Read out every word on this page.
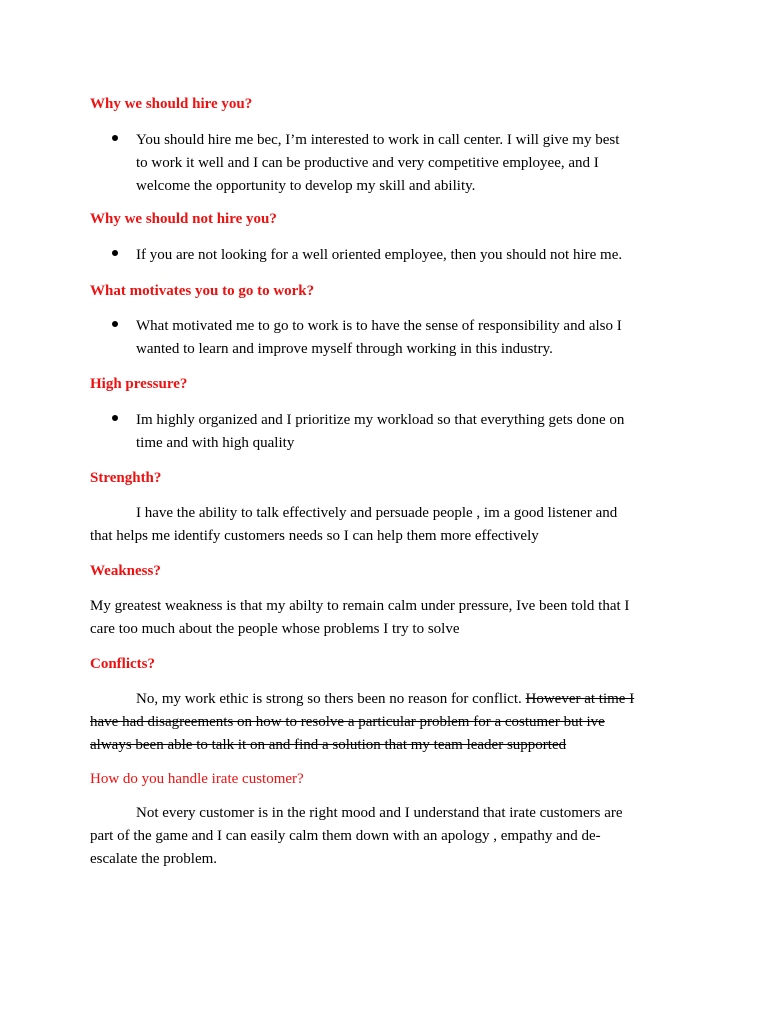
Why we should hire you?
You should hire me bec, I’m interested to work in call center. I will give my best
to work it well and I can be productive and very competitive employee, and I
welcome the opportunity to develop my skill and ability.
Why we should not hire you?
If you are not looking for a well oriented employee, then you should not hire me.
What motivates you to go to work?
What motivated me to go to work is to have the sense of responsibility and also I
wanted to learn and improve myself through working in this industry.
High pressure?
Im highly organized and I prioritize my workload so that everything gets done on
time and with high quality
Strenghth?
I have the ability to talk effectively and persuade people , im a good listener and
that helps me identify customers needs so I can help them more effectively
Weakness?
My greatest weakness is that my abilty to remain calm under pressure, Ive been told that I
care too much about the people whose problems I try to solve
Conflicts?
No, my work ethic is strong so thers been no reason for conflict. However at time I
have had disagreements on how to resolve a particular problem for a costumer but ive
always been able to talk it on and find a solution that my team leader supported
How do you handle irate customer?
Not every customer is in the right mood and I understand that irate customers are
part of the game and I can easily calm them down with an apology , empathy and de-
escalate the problem.
